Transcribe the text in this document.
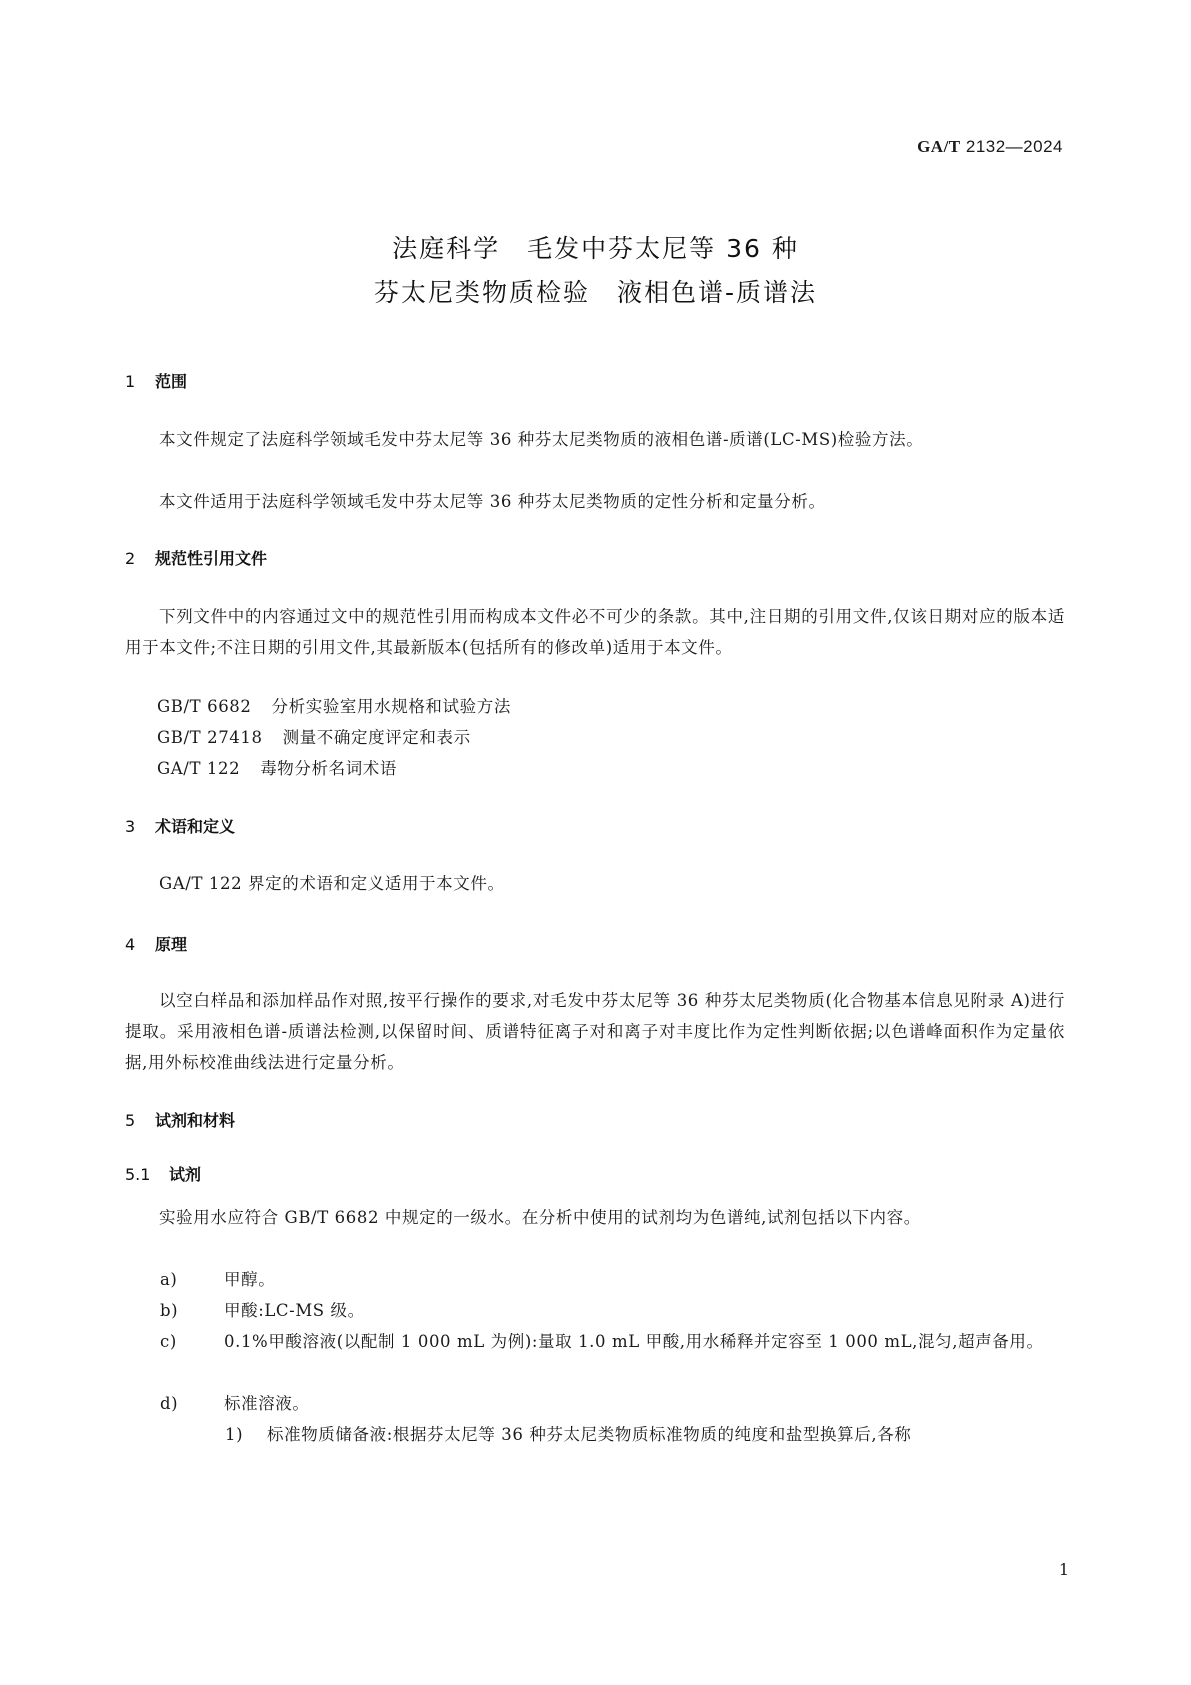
GA/T 2132—2024
法庭科学　毛发中芬太尼等 36 种
芬太尼类物质检验　液相色谱-质谱法
1 范围
本文件规定了法庭科学领域毛发中芬太尼等 36 种芬太尼类物质的液相色谱-质谱(LC-MS)检验方法。
本文件适用于法庭科学领域毛发中芬太尼等 36 种芬太尼类物质的定性分析和定量分析。
2 规范性引用文件
下列文件中的内容通过文中的规范性引用而构成本文件必不可少的条款。其中,注日期的引用文件,仅该日期对应的版本适用于本文件;不注日期的引用文件,其最新版本(包括所有的修改单)适用于本文件。
GB/T 6682 分析实验室用水规格和试验方法
GB/T 27418 测量不确定度评定和表示
GA/T 122 毒物分析名词术语
3 术语和定义
GA/T 122 界定的术语和定义适用于本文件。
4 原理
以空白样品和添加样品作对照,按平行操作的要求,对毛发中芬太尼等 36 种芬太尼类物质(化合物基本信息见附录 A)进行提取。采用液相色谱-质谱法检测,以保留时间、质谱特征离子对和离子对丰度比作为定性判断依据;以色谱峰面积作为定量依据,用外标校准曲线法进行定量分析。
5 试剂和材料
5.1 试剂
实验用水应符合 GB/T 6682 中规定的一级水。在分析中使用的试剂均为色谱纯,试剂包括以下内容。
a)	甲醇。
b)	甲酸:LC-MS 级。
c)	0.1%甲酸溶液(以配制 1 000 mL 为例):量取 1.0 mL 甲酸,用水稀释并定容至 1 000 mL,混匀,超声备用。
d)	标准溶液。
1) 标准物质储备液:根据芬太尼等 36 种芬太尼类物质标准物质的纯度和盐型换算后,各称
1
